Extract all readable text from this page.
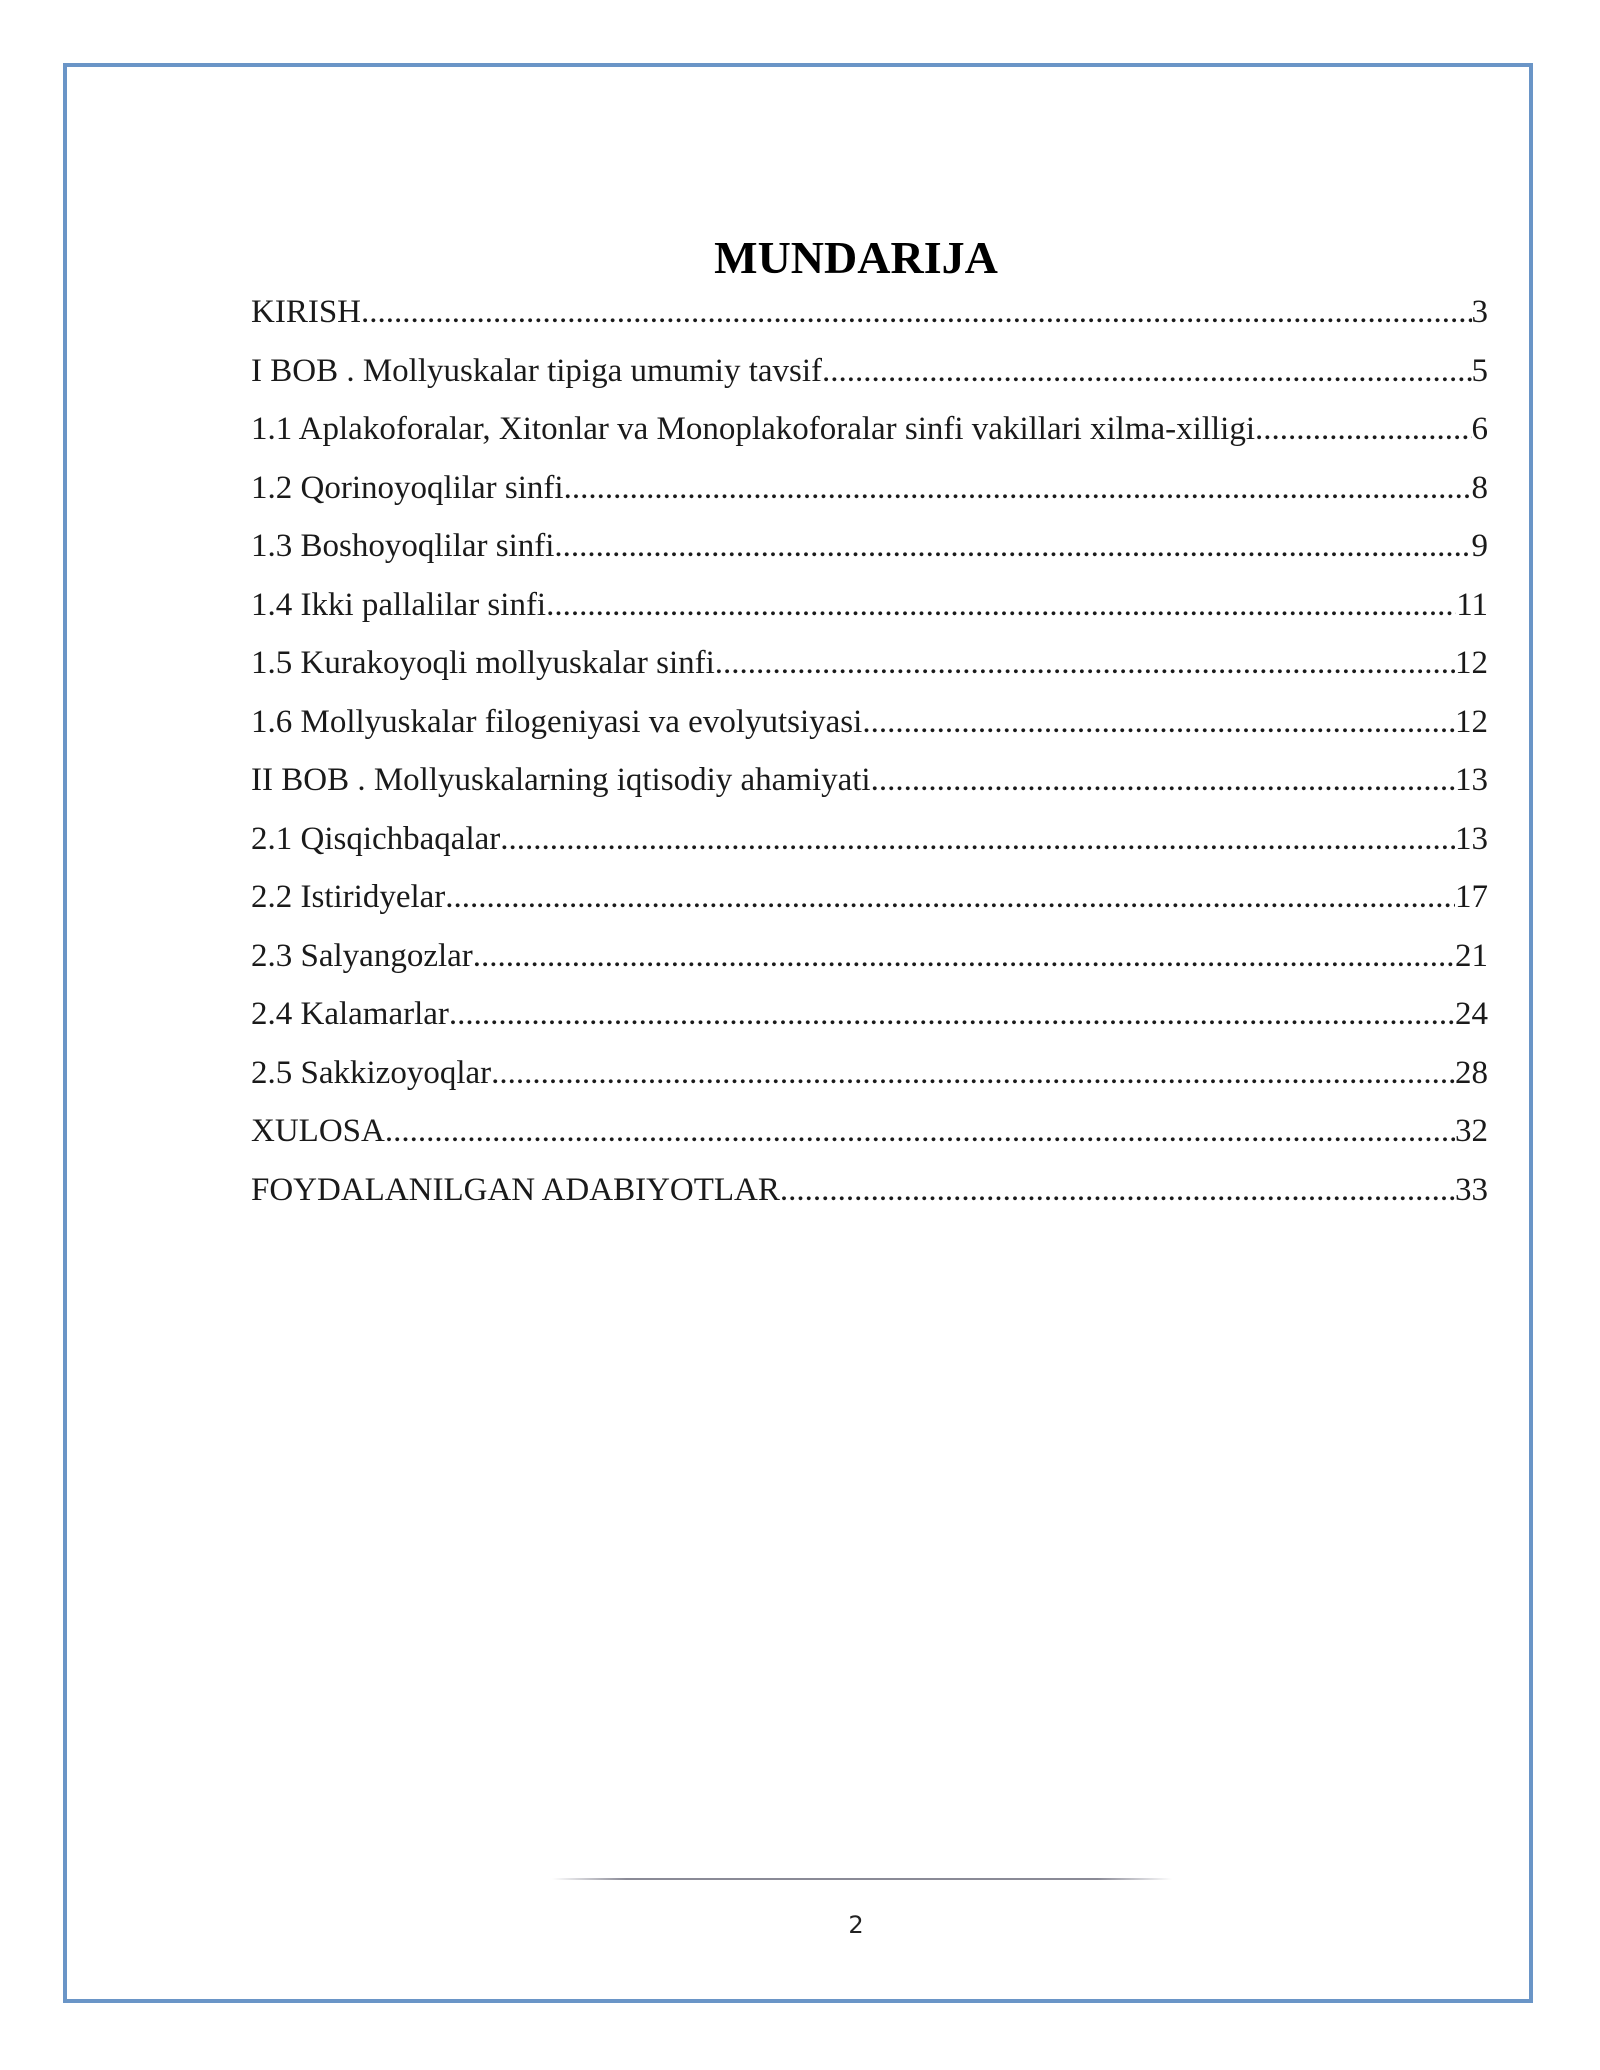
MUNDARIJA
KIRISH .....	3
I BOB . Mollyuskalar tipiga umumiy tavsif .....	5
1.1 Aplakoforalar, Xitonlar va Monoplakoforalar sinfi vakillari xilma-xilligi .....	6
1.2 Qorinoyoqlilar sinfi .....	8
1.3 Boshoyoqlilar sinfi .....	9
1.4 Ikki pallalilar sinfi .....	11
1.5 Kurakoyoqli mollyuskalar sinfi .....	12
1.6 Mollyuskalar filogeniyasi va evolyutsiyasi .....	12
II BOB . Mollyuskalarning iqtisodiy ahamiyati .....	13
2.1 Qisqichbaqalar .....	13
2.2 Istiridyelar .....	17
2.3 Salyangozlar .....	21
2.4 Kalamarlar .....	24
2.5 Sakkizoyoqlar .....	28
XULOSA .....	32
FOYDALANILGAN ADABIYOTLAR .....	33
2
